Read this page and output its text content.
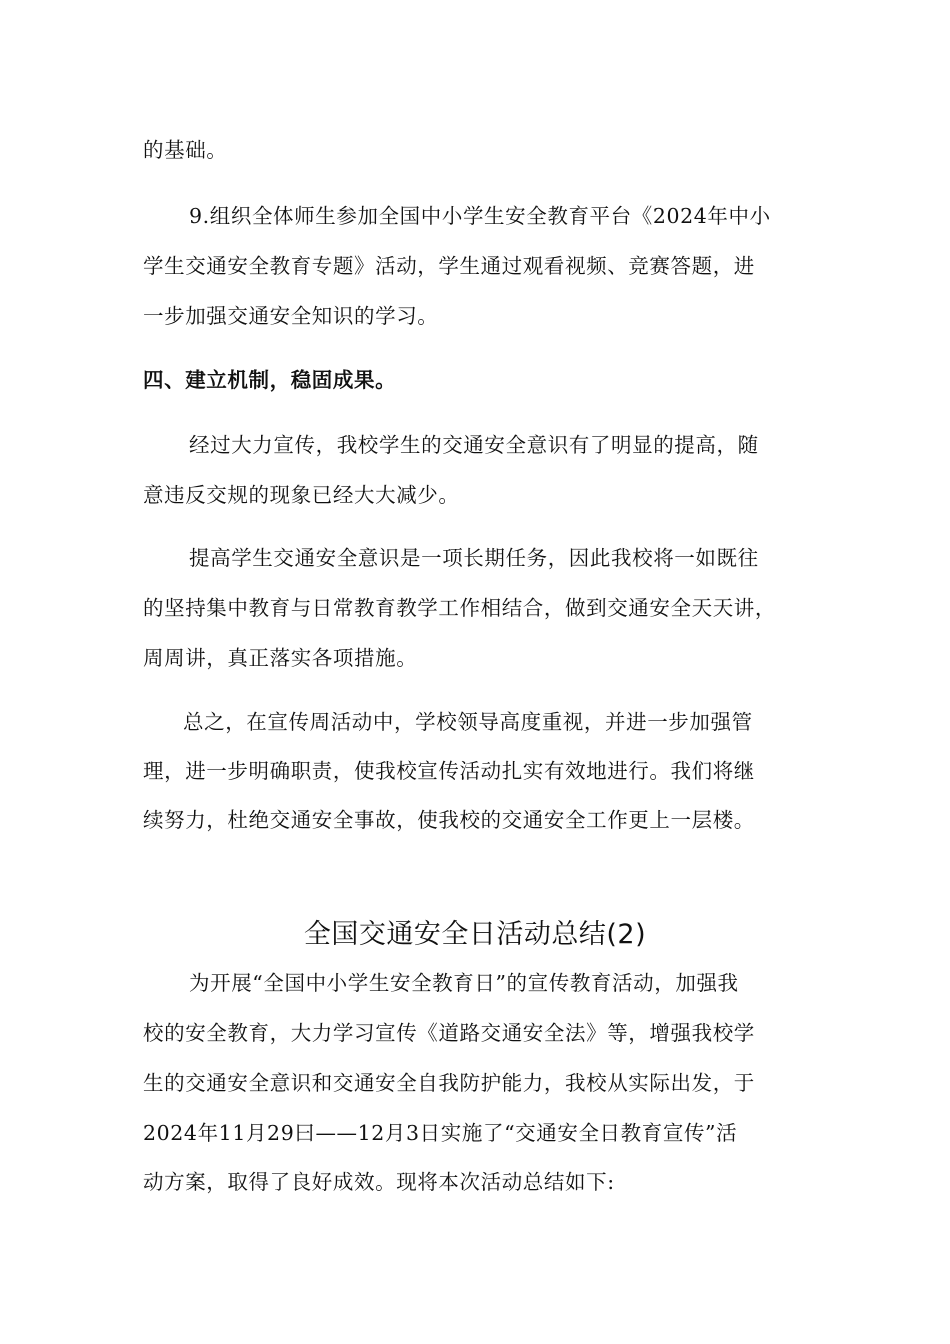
的基础。
9.组织全体师生参加全国中小学生安全教育平台《2024年中小
学生交通安全教育专题》活动，学生通过观看视频、竞赛答题，进
一步加强交通安全知识的学习。
四、建立机制，稳固成果。
经过大力宣传，我校学生的交通安全意识有了明显的提高，随
意违反交规的现象已经大大减少。
提高学生交通安全意识是一项长期任务，因此我校将一如既往
的坚持集中教育与日常教育教学工作相结合，做到交通安全天天讲，
周周讲，真正落实各项措施。
总之，在宣传周活动中，学校领导高度重视，并进一步加强管
理，进一步明确职责，使我校宣传活动扎实有效地进行。我们将继
续努力，杜绝交通安全事故，使我校的交通安全工作更上一层楼。
全国交通安全日活动总结(2)
为开展“全国中小学生安全教育日”的宣传教育活动，加强我
校的安全教育，大力学习宣传《道路交通安全法》等，增强我校学
生的交通安全意识和交通安全自我防护能力，我校从实际出发，于
2024年11月29曰——12月3日实施了“交通安全日教育宣传”活
动方案，取得了良好成效。现将本次活动总结如下:
